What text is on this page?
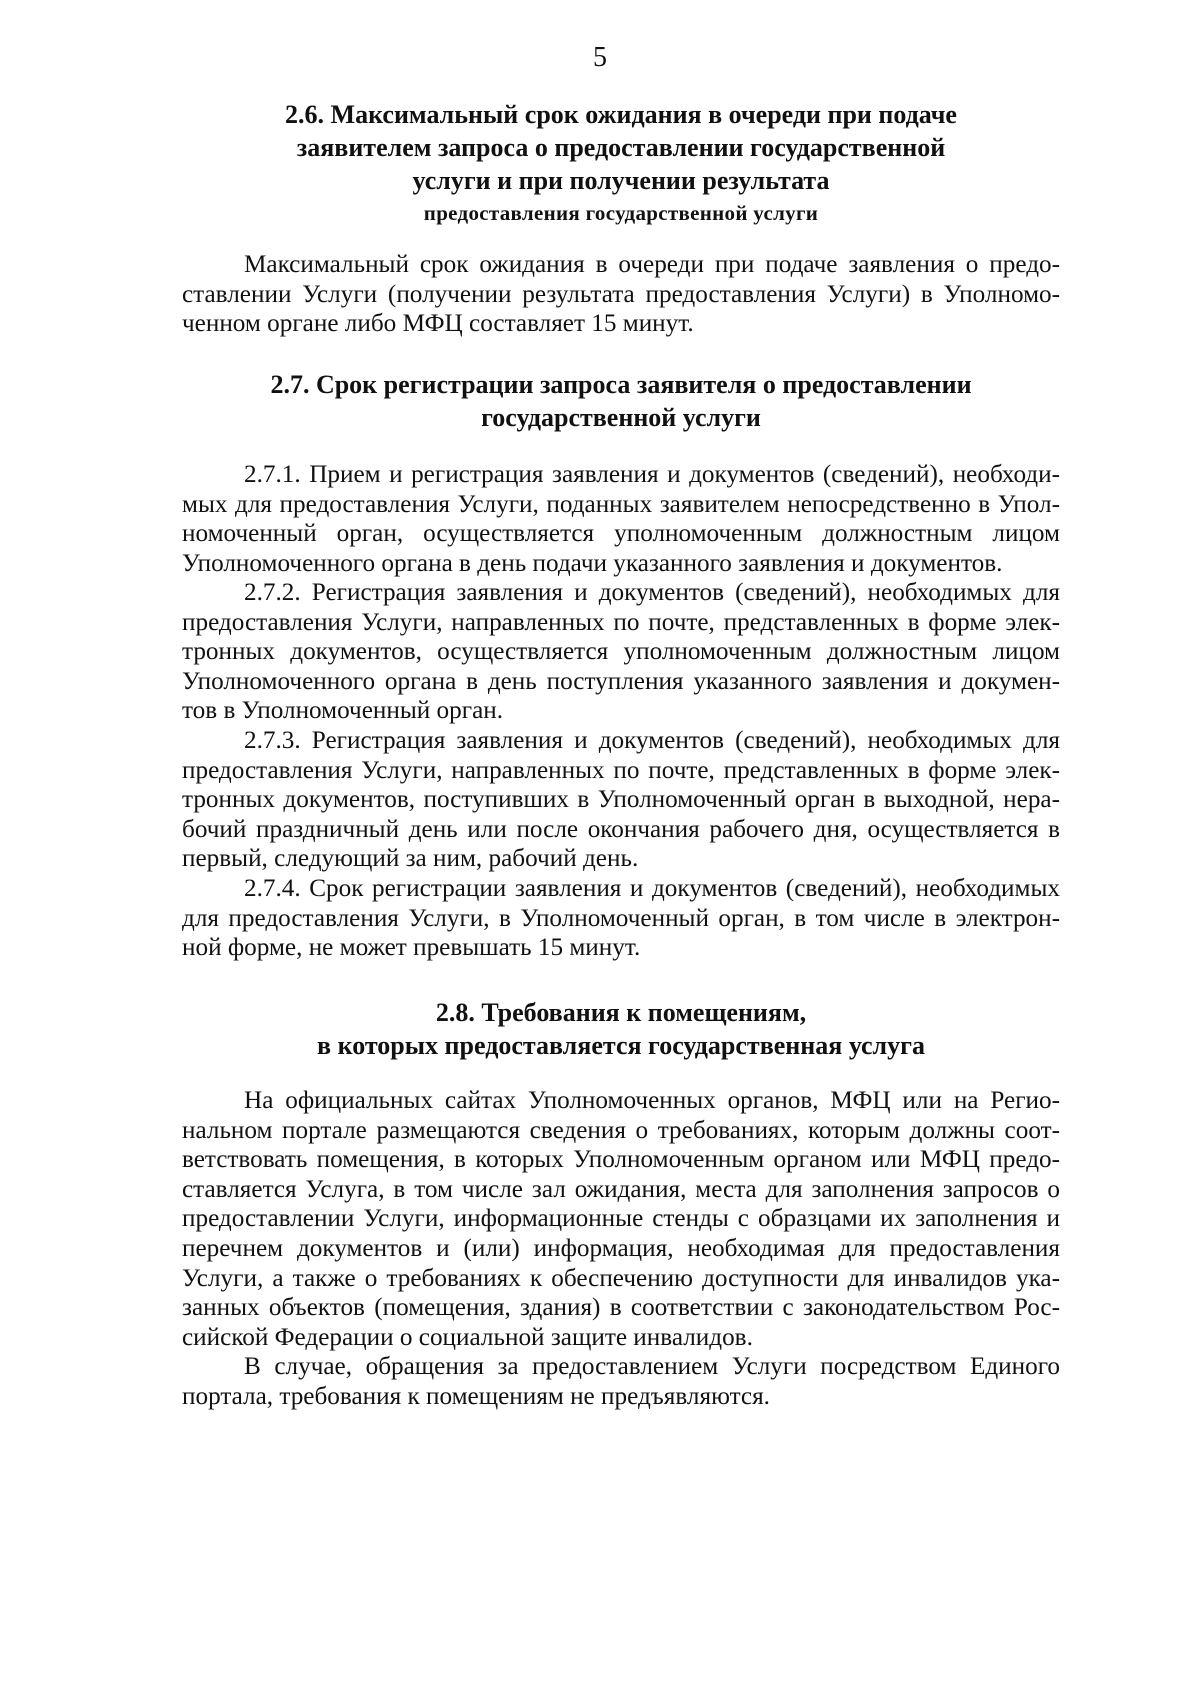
5
2.6. Максимальный срок ожидания в очереди при подаче
заявителем запроса о предоставлении государственной
услуги и при получении результата
предоставления государственной услуги
Максимальный срок ожидания в очереди при подаче заявления о предо-
ставлении Услуги (получении результата предоставления Услуги) в Уполномо-
ченном органе либо МФЦ составляет 15 минут.
2.7. Срок регистрации запроса заявителя о предоставлении
государственной услуги
2.7.1. Прием и регистрация заявления и документов (сведений), необходи-
мых для предоставления Услуги, поданных заявителем непосредственно в Упол-
номоченный орган, осуществляется уполномоченным должностным лицом
Уполномоченного органа в день подачи указанного заявления и документов.
2.7.2. Регистрация заявления и документов (сведений), необходимых для
предоставления Услуги, направленных по почте, представленных в форме элек-
тронных документов, осуществляется уполномоченным должностным лицом
Уполномоченного органа в день поступления указанного заявления и докумен-
тов в Уполномоченный орган.
2.7.3. Регистрация заявления и документов (сведений), необходимых для
предоставления Услуги, направленных по почте, представленных в форме элек-
тронных документов, поступивших в Уполномоченный орган в выходной, нера-
бочий праздничный день или после окончания рабочего дня, осуществляется в
первый, следующий за ним, рабочий день.
2.7.4. Срок регистрации заявления и документов (сведений), необходимых
для предоставления Услуги, в Уполномоченный орган, в том числе в электрон-
ной форме, не может превышать 15 минут.
2.8. Требования к помещениям,
в которых предоставляется государственная услуга
На официальных сайтах Уполномоченных органов, МФЦ или на Регио-
нальном портале размещаются сведения о требованиях, которым должны соот-
ветствовать помещения, в которых Уполномоченным органом или МФЦ предо-
ставляется Услуга, в том числе зал ожидания, места для заполнения запросов о
предоставлении Услуги, информационные стенды с образцами их заполнения и
перечнем документов и (или) информация, необходимая для предоставления
Услуги, а также о требованиях к обеспечению доступности для инвалидов ука-
занных объектов (помещения, здания) в соответствии с законодательством Рос-
сийской Федерации о социальной защите инвалидов.
В случае, обращения за предоставлением Услуги посредством Единого
портала, требования к помещениям не предъявляются.
